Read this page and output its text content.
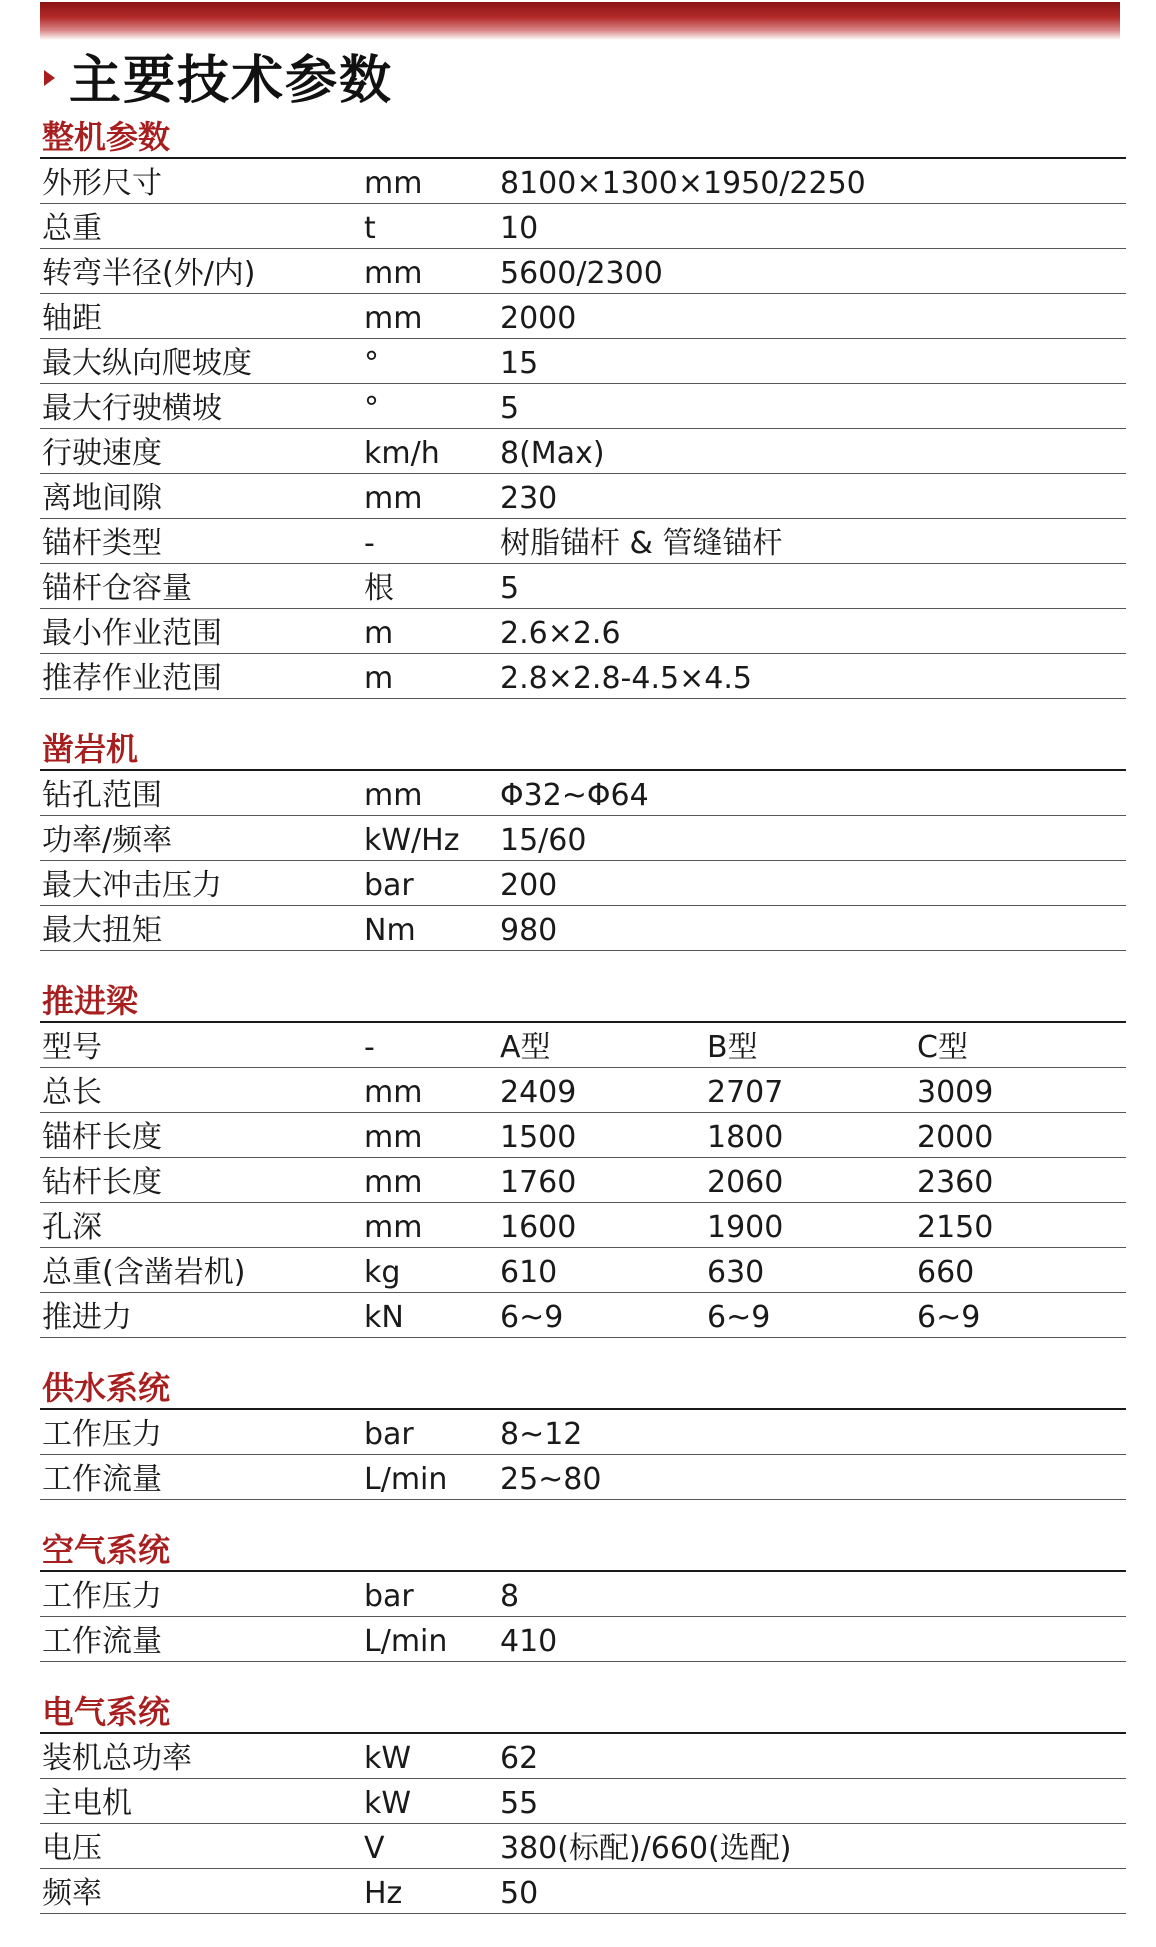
主要技术参数
整机参数
外形尺寸	mm	8100×1300×1950/2250
总重	t	10
转弯半径(外/内)	mm	5600/2300
轴距	mm	2000
最大纵向爬坡度	°	15
最大行驶横坡	°	5
行驶速度	km/h	8(Max)
离地间隙	mm	230
锚杆类型	-	树脂锚杆 & 管缝锚杆
锚杆仓容量	根	5
最小作业范围	m	2.6×2.6
推荐作业范围	m	2.8×2.8-4.5×4.5
凿岩机
钻孔范围	mm	Φ32~Φ64
功率/频率	kW/Hz	15/60
最大冲击压力	bar	200
最大扭矩	Nm	980
推进梁
型号	-	A型	B型	C型
总长	mm	2409	2707	3009
锚杆长度	mm	1500	1800	2000
钻杆长度	mm	1760	2060	2360
孔深	mm	1600	1900	2150
总重(含凿岩机)	kg	610	630	660
推进力	kN	6~9	6~9	6~9
供水系统
工作压力	bar	8~12
工作流量	L/min	25~80
空气系统
工作压力	bar	8
工作流量	L/min	410
电气系统
装机总功率	kW	62
主电机	kW	55
电压	V	380(标配)/660(选配)
频率	Hz	50
